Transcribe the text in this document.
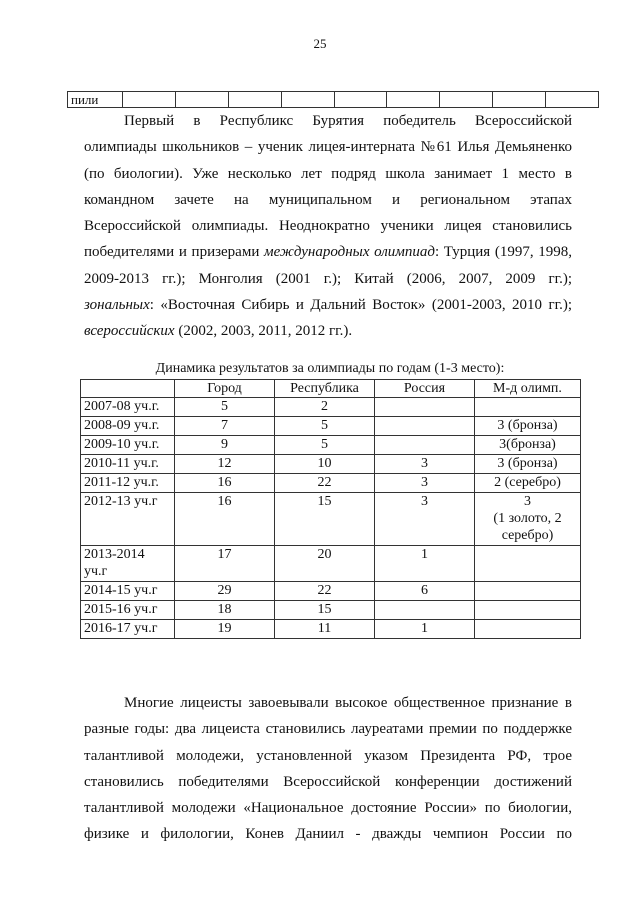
25
пили									
Первый в Республикс Бурятия победитель Всероссийской
олимпиады школьников – ученик лицея-интерната №61 Илья Демьяненко
(по биологии). Уже несколько лет подряд школа занимает 1 место в
командном зачете на муниципальном и региональном этапах
Всероссийской олимпиады. Неоднократно ученики лицея становились
победителями и призерами международных олимпиад: Турция (1997, 1998,
2009-2013 гг.); Монголия (2001 г.); Китай (2006, 2007, 2009 гг.);
зональных: «Восточная Сибирь и Дальний Восток» (2001-2003, 2010 гг.);
всероссийских (2002, 2003, 2011, 2012 гг.).
Динамика результатов за олимпиады по годам (1-3 место):
	Город	Республика	Россия	М-д олимп.
2007-08 уч.г.	5	2		
2008-09 уч.г.	7	5		3 (бронза)
2009-10 уч.г.	9	5		3(бронза)
2010-11 уч.г.	12	10	3	3 (бронза)
2011-12 уч.г.	16	22	3	2 (серебро)
2012-13 уч.г	16	15	3	3
(1 золото, 2
серебро)
2013-2014
уч.г	17	20	1	
2014-15 уч.г	29	22	6	
2015-16 уч.г	18	15		
2016-17 уч.г	19	11	1	
Многие лицеисты завоевывали высокое общественное признание в
разные годы: два лицеиста становились лауреатами премии по поддержке
талантливой молодежи, установленной указом Президента РФ, трое
становились победителями Всероссийской конференции достижений
талантливой молодежи «Национальное достояние России» по биологии,
физике и филологии, Конев Даниил - дважды чемпион России по
